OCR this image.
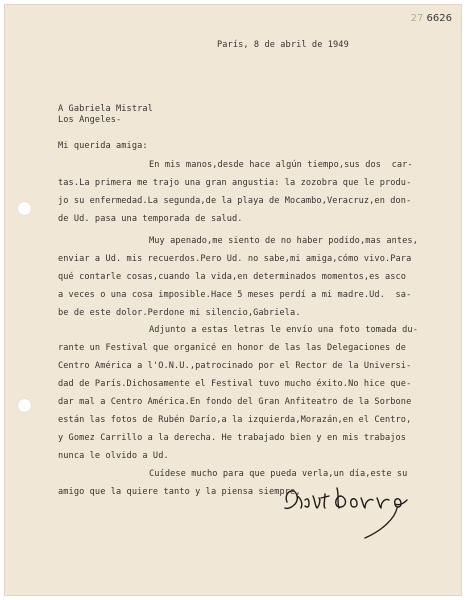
27 6626

París, 8 de abril de 1949

A Gabriela Mistral

Los Angeles-

Mi querida amiga:

En mis manos,desde hace algún tiempo,sus dos  car-

tas.La primera me trajo una gran angustia: la zozobra que le produ-

jo su enfermedad.La segunda,de la playa de Mocambo,Veracruz,en don-

de Ud. pasa una temporada de salud.

Muy apenado,me siento de no haber podido,mas antes,

enviar a Ud. mis recuerdos.Pero Ud. no sabe,mi amiga,cómo vivo.Para

qué contarle cosas,cuando la vida,en determinados momentos,es asco

a veces o una cosa imposible.Hace 5 meses perdí a mi madre.Ud.  sa-

be de este dolor.Perdone mi silencio,Gabriela.

Adjunto a estas letras le envío una foto tomada du-

rante un Festival que organicé en honor de las las Delegaciones de

Centro América a l'O.N.U.,patrocinado por el Rector de la Universi-

dad de París.Dichosamente el Festival tuvo mucho éxito.No hice que-

dar mal a Centro América.En fondo del Gran Anfiteatro de la Sorbone

están las fotos de Rubén Darío,a la izquierda,Morazán,en el Centro,

y Gomez Carrillo a la derecha. He trabajado bien y en mis trabajos

nunca le olvido a Ud.

Cuídese mucho para que pueda verla,un día,este su

amigo que la quiere tanto y la piensa siempre,
